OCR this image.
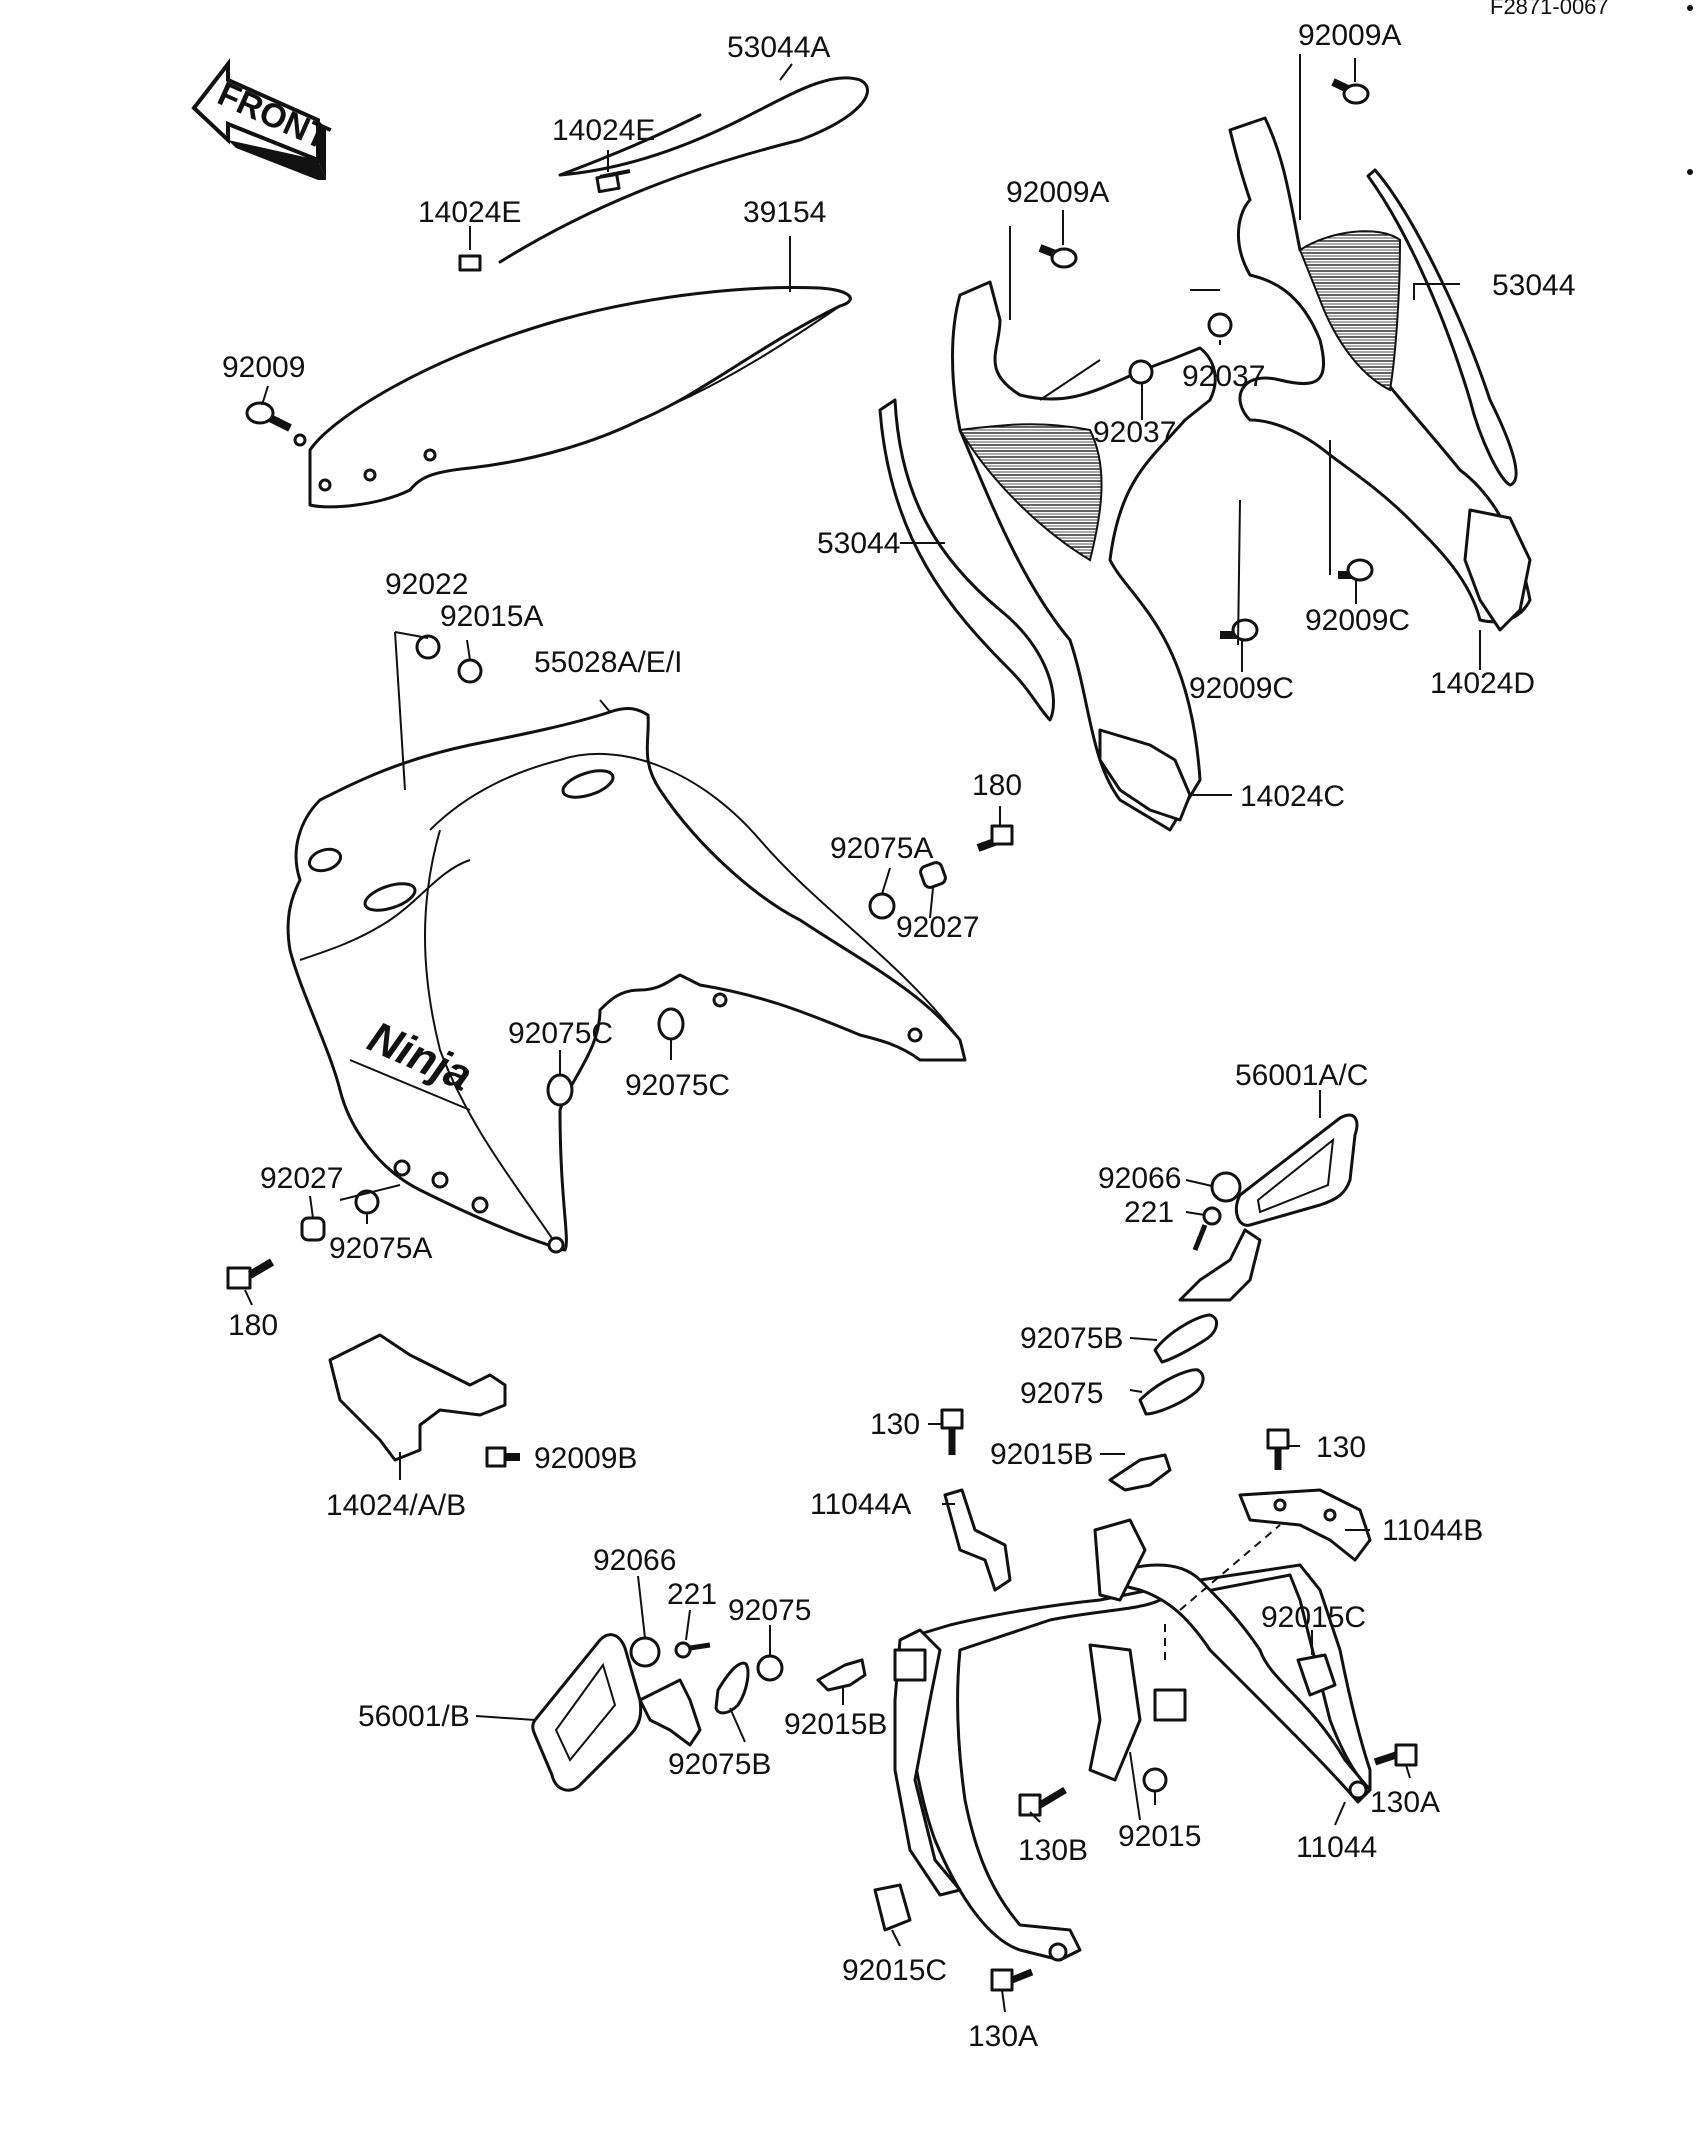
F2871-0067
FRONT
Ninja
53044A
14024E
14024E	39154
92009
92009A
92009A
53044
92037
92037
53044
92009C
92009C	14024D
14024C
92022
92015A
55028A/E/I
180
92075A
92027
92075C
92075C
92027
92075A
180
56001A/C
92066
221
92075B
92075
14024/A/B
92009B
130
92015B	130
11044A
11044B
92066
221 92075	92015C
56001/B	92015B
92075B
130B 92015
130A
11044
92015C
130A
